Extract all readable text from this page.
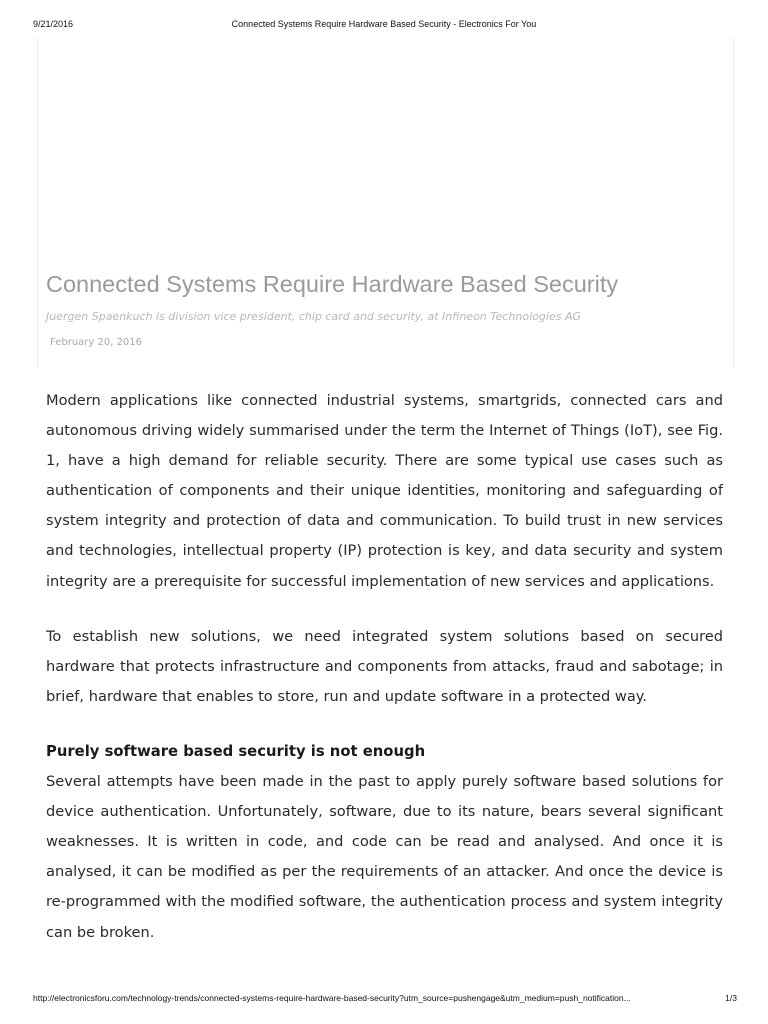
9/21/2016	Connected Systems Require Hardware Based Security - Electronics For You
Connected Systems Require Hardware Based Security
Juergen Spaenkuch is division vice president, chip card and security, at Infineon Technologies AG
February 20, 2016

Modern applications like connected industrial systems, smartgrids, connected cars and autonomous driving widely summarised under the term the Internet of Things (IoT), see Fig. 1, have a high demand for reliable security. There are some typical use cases such as authentication of components and their unique identities, monitoring and safeguarding of system integrity and protection of data and communication. To build trust in new services and technologies, intellectual property (IP) protection is key, and data security and system integrity are a prerequisite for successful implementation of new services and applications.

To establish new solutions, we need integrated system solutions based on secured hardware that protects infrastructure and components from attacks, fraud and sabotage; in brief, hardware that enables to store, run and update software in a protected way.

Purely software based security is not enough

Several attempts have been made in the past to apply purely software based solutions for device authentication. Unfortunately, software, due to its nature, bears several significant weaknesses. It is written in code, and code can be read and analysed. And once it is analysed, it can be modified as per the requirements of an attacker. And once the device is re-programmed with the modified software, the authentication process and system integrity can be broken.

http://electronicsforu.com/technology-trends/connected-systems-require-hardware-based-security?utm_source=pushengage&utm_medium=push_notification...	1/3
